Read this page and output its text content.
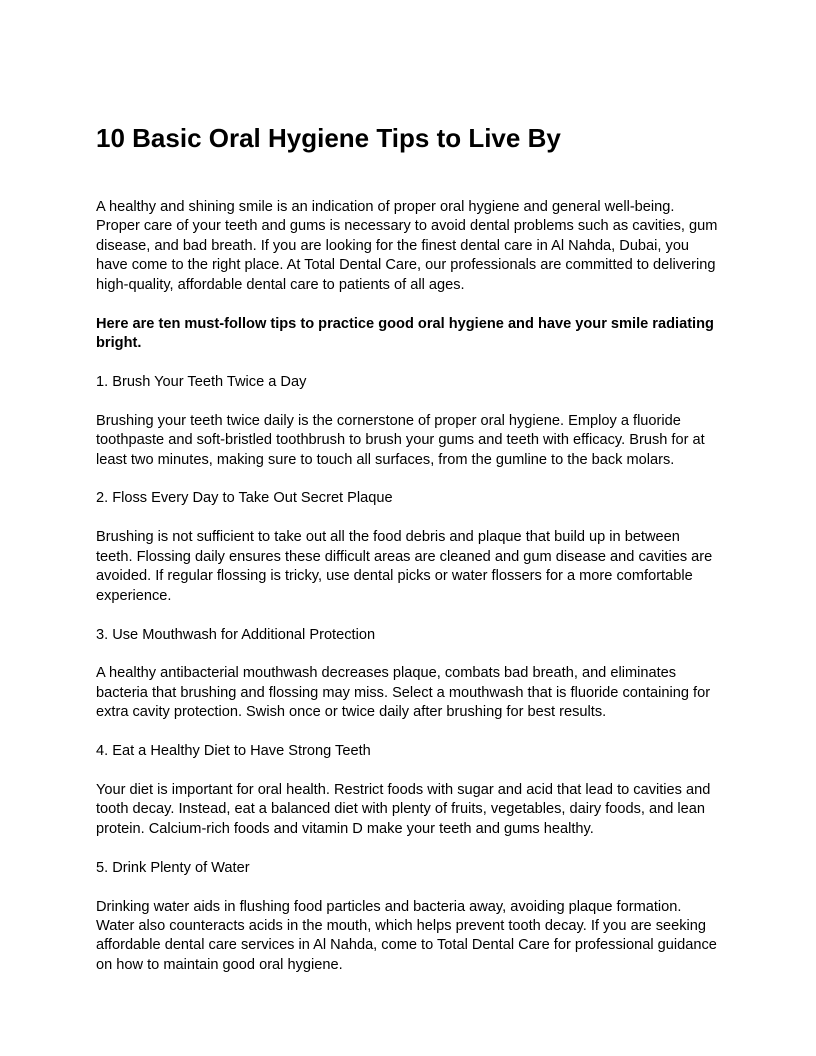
10 Basic Oral Hygiene Tips to Live By

A healthy and shining smile is an indication of proper oral hygiene and general well-being. Proper care of your teeth and gums is necessary to avoid dental problems such as cavities, gum disease, and bad breath. If you are looking for the finest dental care in Al Nahda, Dubai, you have come to the right place. At Total Dental Care, our professionals are committed to delivering high-quality, affordable dental care to patients of all ages.

Here are ten must-follow tips to practice good oral hygiene and have your smile radiating bright.

1. Brush Your Teeth Twice a Day

Brushing your teeth twice daily is the cornerstone of proper oral hygiene. Employ a fluoride toothpaste and soft-bristled toothbrush to brush your gums and teeth with efficacy. Brush for at least two minutes, making sure to touch all surfaces, from the gumline to the back molars.

2. Floss Every Day to Take Out Secret Plaque

Brushing is not sufficient to take out all the food debris and plaque that build up in between teeth. Flossing daily ensures these difficult areas are cleaned and gum disease and cavities are avoided. If regular flossing is tricky, use dental picks or water flossers for a more comfortable experience.

3. Use Mouthwash for Additional Protection

A healthy antibacterial mouthwash decreases plaque, combats bad breath, and eliminates bacteria that brushing and flossing may miss. Select a mouthwash that is fluoride containing for extra cavity protection. Swish once or twice daily after brushing for best results.

4. Eat a Healthy Diet to Have Strong Teeth

Your diet is important for oral health. Restrict foods with sugar and acid that lead to cavities and tooth decay. Instead, eat a balanced diet with plenty of fruits, vegetables, dairy foods, and lean protein. Calcium-rich foods and vitamin D make your teeth and gums healthy.

5. Drink Plenty of Water

Drinking water aids in flushing food particles and bacteria away, avoiding plaque formation. Water also counteracts acids in the mouth, which helps prevent tooth decay. If you are seeking affordable dental care services in Al Nahda, come to Total Dental Care for professional guidance on how to maintain good oral hygiene.
